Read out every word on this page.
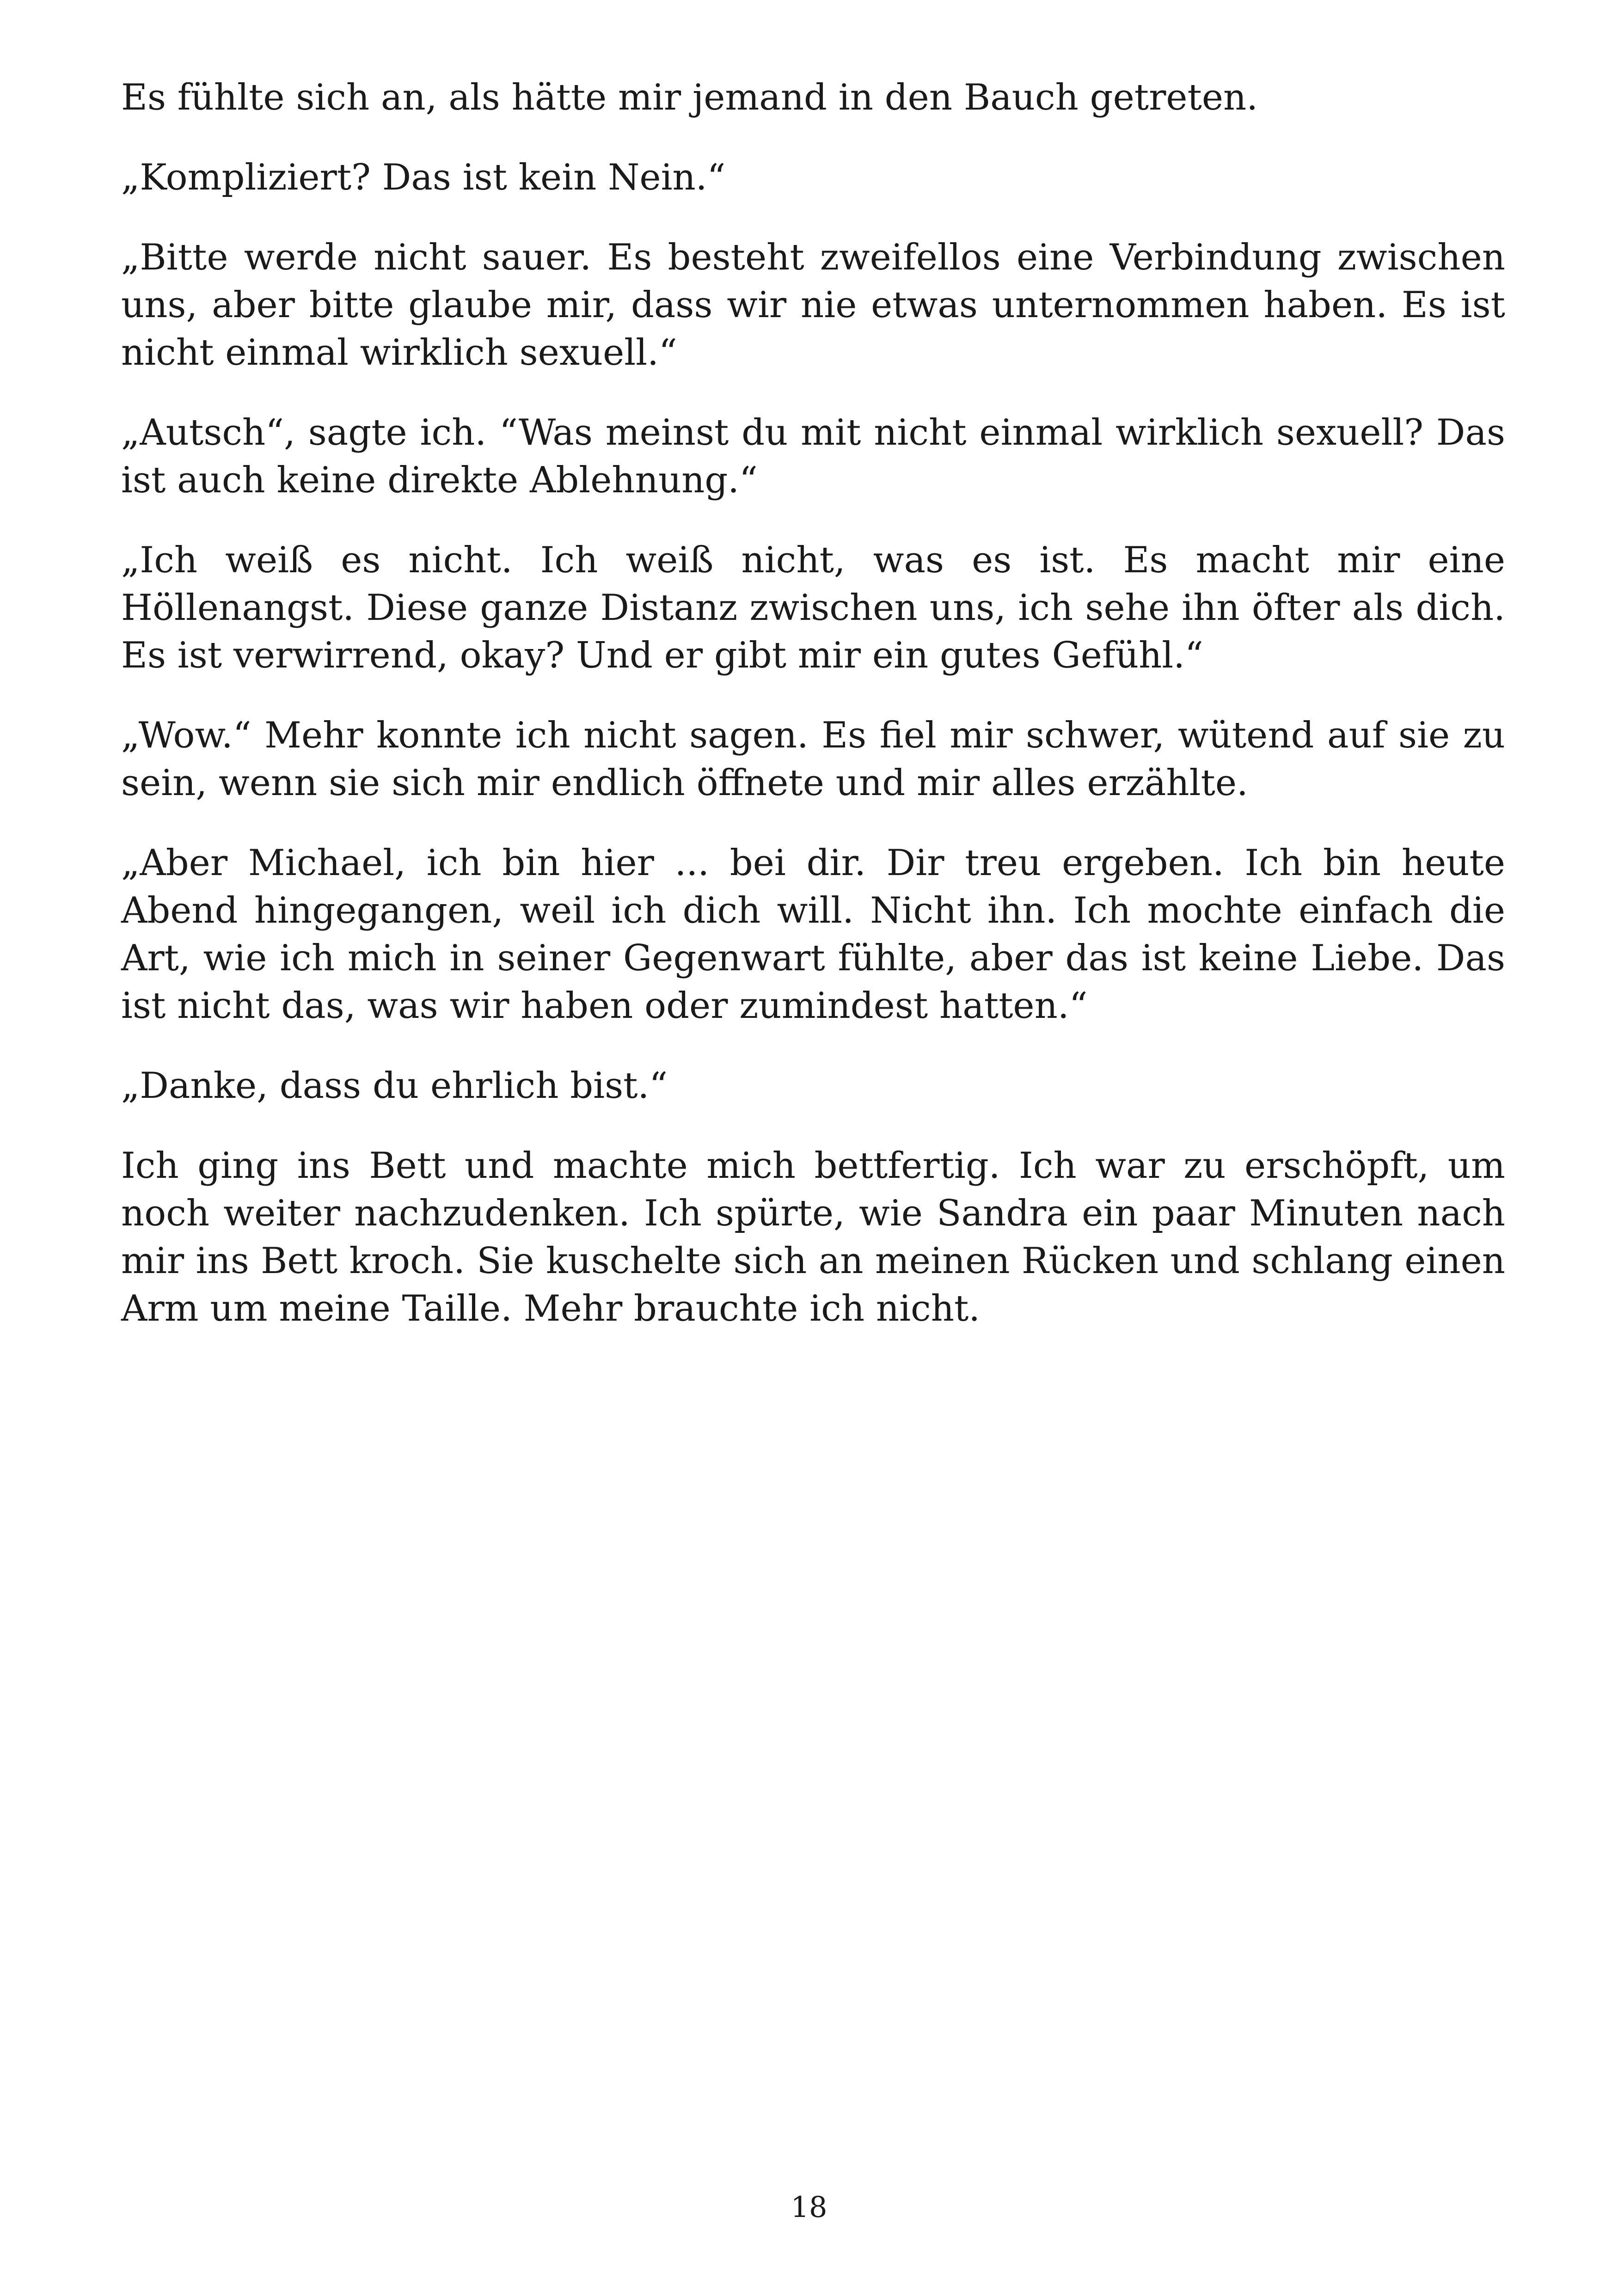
Es fühlte sich an, als hätte mir jemand in den Bauch getreten.

„Kompliziert? Das ist kein Nein.“

„Bitte werde nicht sauer. Es besteht zweifellos eine Verbindung zwischen uns, aber bitte glaube mir, dass wir nie etwas unternommen haben. Es ist nicht einmal wirklich sexuell.“

„Autsch“, sagte ich. “Was meinst du mit nicht einmal wirklich sexuell? Das ist auch keine direkte Ablehnung.“

„Ich weiß es nicht. Ich weiß nicht, was es ist. Es macht mir eine Höllenangst. Diese ganze Distanz zwischen uns, ich sehe ihn öfter als dich. Es ist verwirrend, okay? Und er gibt mir ein gutes Gefühl.“

„Wow.“ Mehr konnte ich nicht sagen. Es fiel mir schwer, wütend auf sie zu sein, wenn sie sich mir endlich öffnete und mir alles erzählte.

„Aber Michael, ich bin hier ... bei dir. Dir treu ergeben. Ich bin heute Abend hingegangen, weil ich dich will. Nicht ihn. Ich mochte einfach die Art, wie ich mich in seiner Gegenwart fühlte, aber das ist keine Liebe. Das ist nicht das, was wir haben oder zumindest hatten.“

„Danke, dass du ehrlich bist.“

Ich ging ins Bett und machte mich bettfertig. Ich war zu erschöpft, um noch weiter nachzudenken. Ich spürte, wie Sandra ein paar Minuten nach mir ins Bett kroch. Sie kuschelte sich an meinen Rücken und schlang einen Arm um meine Taille. Mehr brauchte ich nicht.

18
